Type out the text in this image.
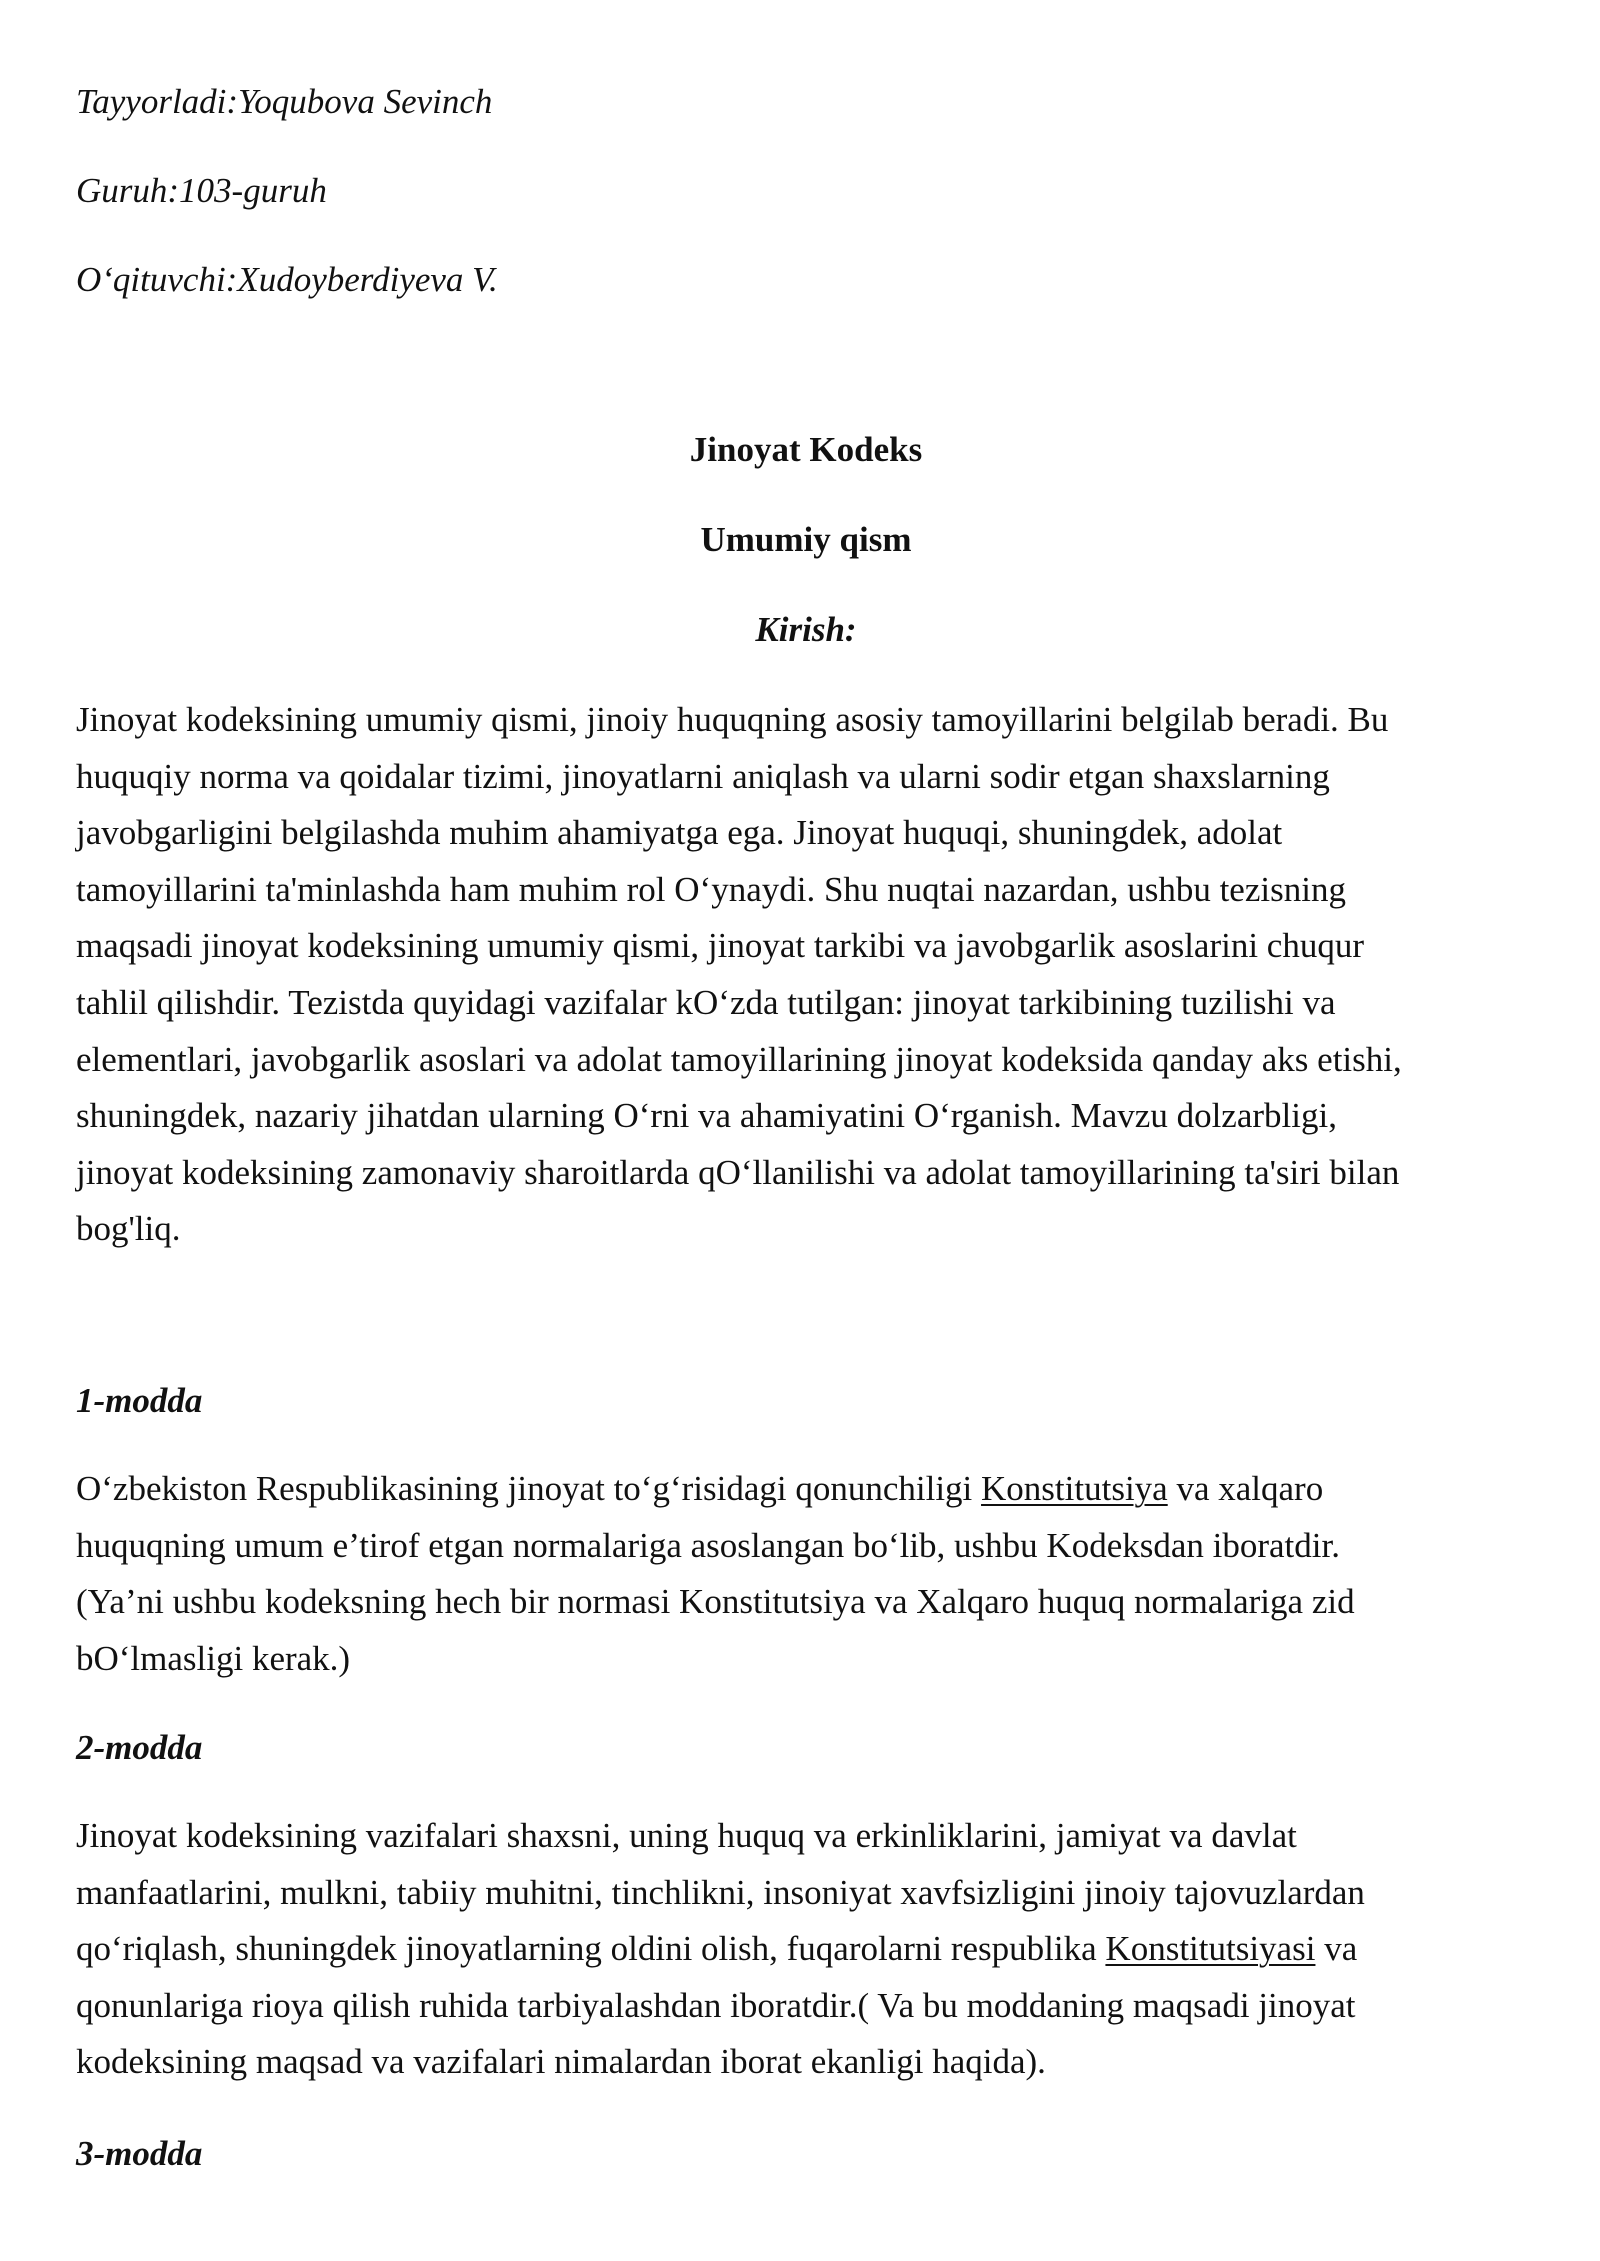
Tayyorladi:Yoqubova Sevinch
Guruh:103-guruh
O‘qituvchi:Xudoyberdiyeva V.
Jinoyat Kodeks
Umumiy qism
Kirish:

Jinoyat kodeksining umumiy qismi, jinoiy huquqning asosiy tamoyillarini belgilab beradi. Bu
huquqiy norma va qoidalar tizimi, jinoyatlarni aniqlash va ularni sodir etgan shaxslarning
javobgarligini belgilashda muhim ahamiyatga ega. Jinoyat huquqi, shuningdek, adolat
tamoyillarini ta'minlashda ham muhim rol O‘ynaydi. Shu nuqtai nazardan, ushbu tezisning
maqsadi jinoyat kodeksining umumiy qismi, jinoyat tarkibi va javobgarlik asoslarini chuqur
tahlil qilishdir. Tezistda quyidagi vazifalar kO‘zda tutilgan: jinoyat tarkibining tuzilishi va
elementlari, javobgarlik asoslari va adolat tamoyillarining jinoyat kodeksida qanday aks etishi,
shuningdek, nazariy jihatdan ularning O‘rni va ahamiyatini O‘rganish. Mavzu dolzarbligi,
jinoyat kodeksining zamonaviy sharoitlarda qO‘llanilishi va adolat tamoyillarining ta'siri bilan
bog'liq.

1-modda

O‘zbekiston Respublikasining jinoyat to‘g‘risidagi qonunchiligi Konstitutsiya va xalqaro
huquqning umum e’tirof etgan normalariga asoslangan bo‘lib, ushbu Kodeksdan iboratdir.
(Ya’ni ushbu kodeksning hech bir normasi Konstitutsiya va Xalqaro huquq normalariga zid
bO‘lmasligi kerak.)

2-modda

Jinoyat kodeksining vazifalari shaxsni, uning huquq va erkinliklarini, jamiyat va davlat
manfaatlarini, mulkni, tabiiy muhitni, tinchlikni, insoniyat xavfsizligini jinoiy tajovuzlardan
qo‘riqlash, shuningdek jinoyatlarning oldini olish, fuqarolarni respublika Konstitutsiyasi va
qonunlariga rioya qilish ruhida tarbiyalashdan iboratdir.( Va bu moddaning maqsadi jinoyat
kodeksining maqsad va vazifalari nimalardan iborat ekanligi haqida).

3-modda
